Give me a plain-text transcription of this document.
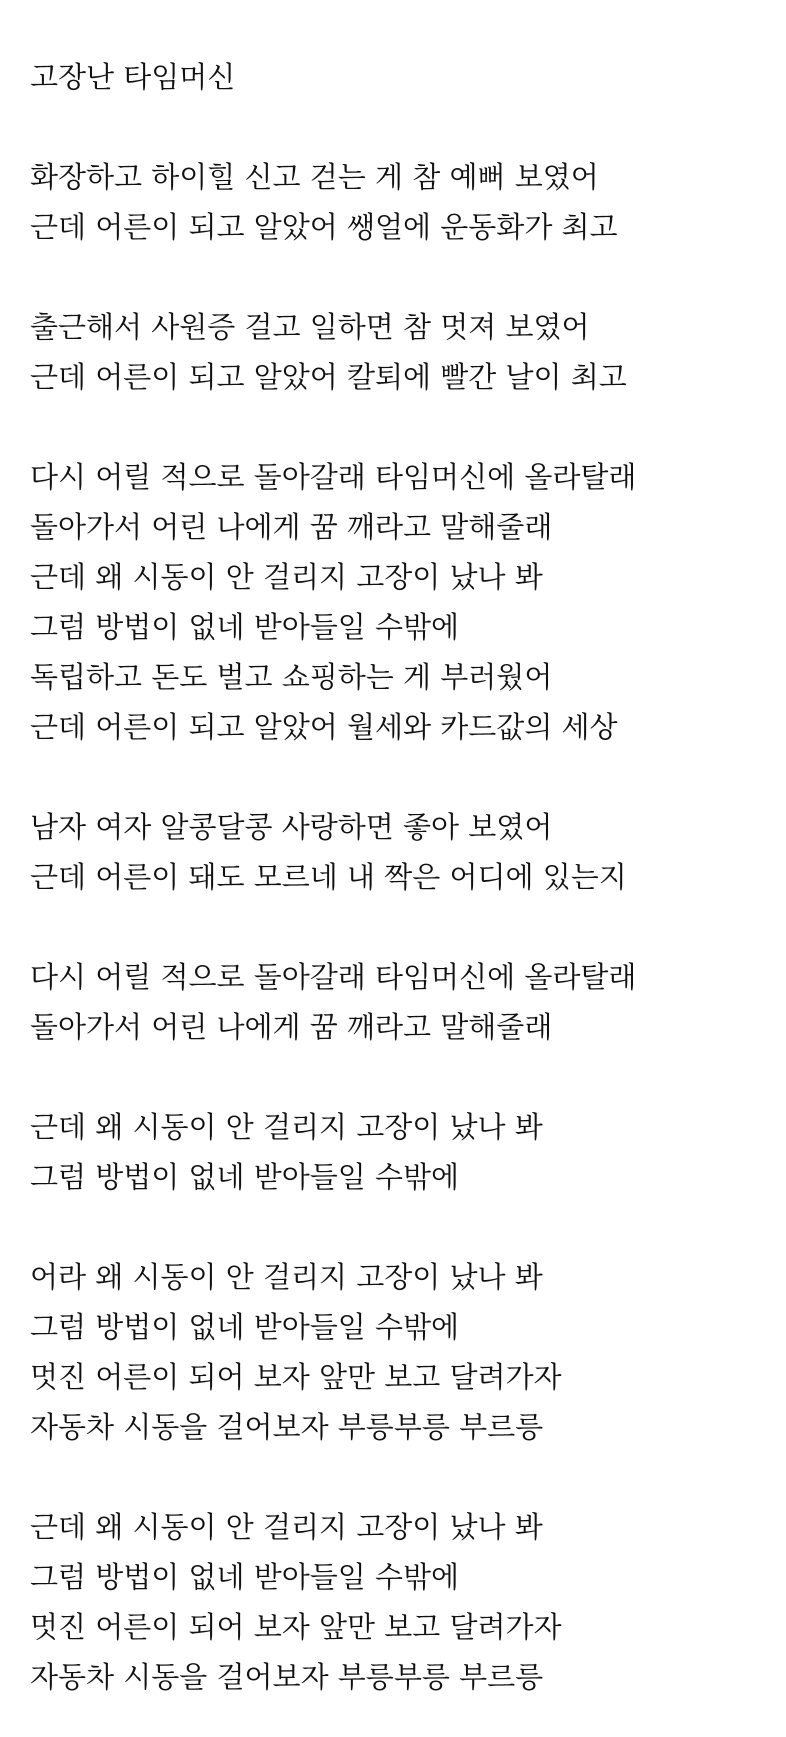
고장난 타임머신
화장하고 하이힐 신고 걷는 게 참 예뻐 보였어
근데 어른이 되고 알았어 쌩얼에 운동화가 최고
출근해서 사원증 걸고 일하면 참 멋져 보였어
근데 어른이 되고 알았어 칼퇴에 빨간 날이 최고
다시 어릴 적으로 돌아갈래 타임머신에 올라탈래
돌아가서 어린 나에게 꿈 깨라고 말해줄래
근데 왜 시동이 안 걸리지 고장이 났나 봐
그럼 방법이 없네 받아들일 수밖에
독립하고 돈도 벌고 쇼핑하는 게 부러웠어
근데 어른이 되고 알았어 월세와 카드값의 세상
남자 여자 알콩달콩 사랑하면 좋아 보였어
근데 어른이 돼도 모르네 내 짝은 어디에 있는지
다시 어릴 적으로 돌아갈래 타임머신에 올라탈래
돌아가서 어린 나에게 꿈 깨라고 말해줄래
근데 왜 시동이 안 걸리지 고장이 났나 봐
그럼 방법이 없네 받아들일 수밖에
어라 왜 시동이 안 걸리지 고장이 났나 봐
그럼 방법이 없네 받아들일 수밖에
멋진 어른이 되어 보자 앞만 보고 달려가자
자동차 시동을 걸어보자 부릉부릉 부르릉
근데 왜 시동이 안 걸리지 고장이 났나 봐
그럼 방법이 없네 받아들일 수밖에
멋진 어른이 되어 보자 앞만 보고 달려가자
자동차 시동을 걸어보자 부릉부릉 부르릉
